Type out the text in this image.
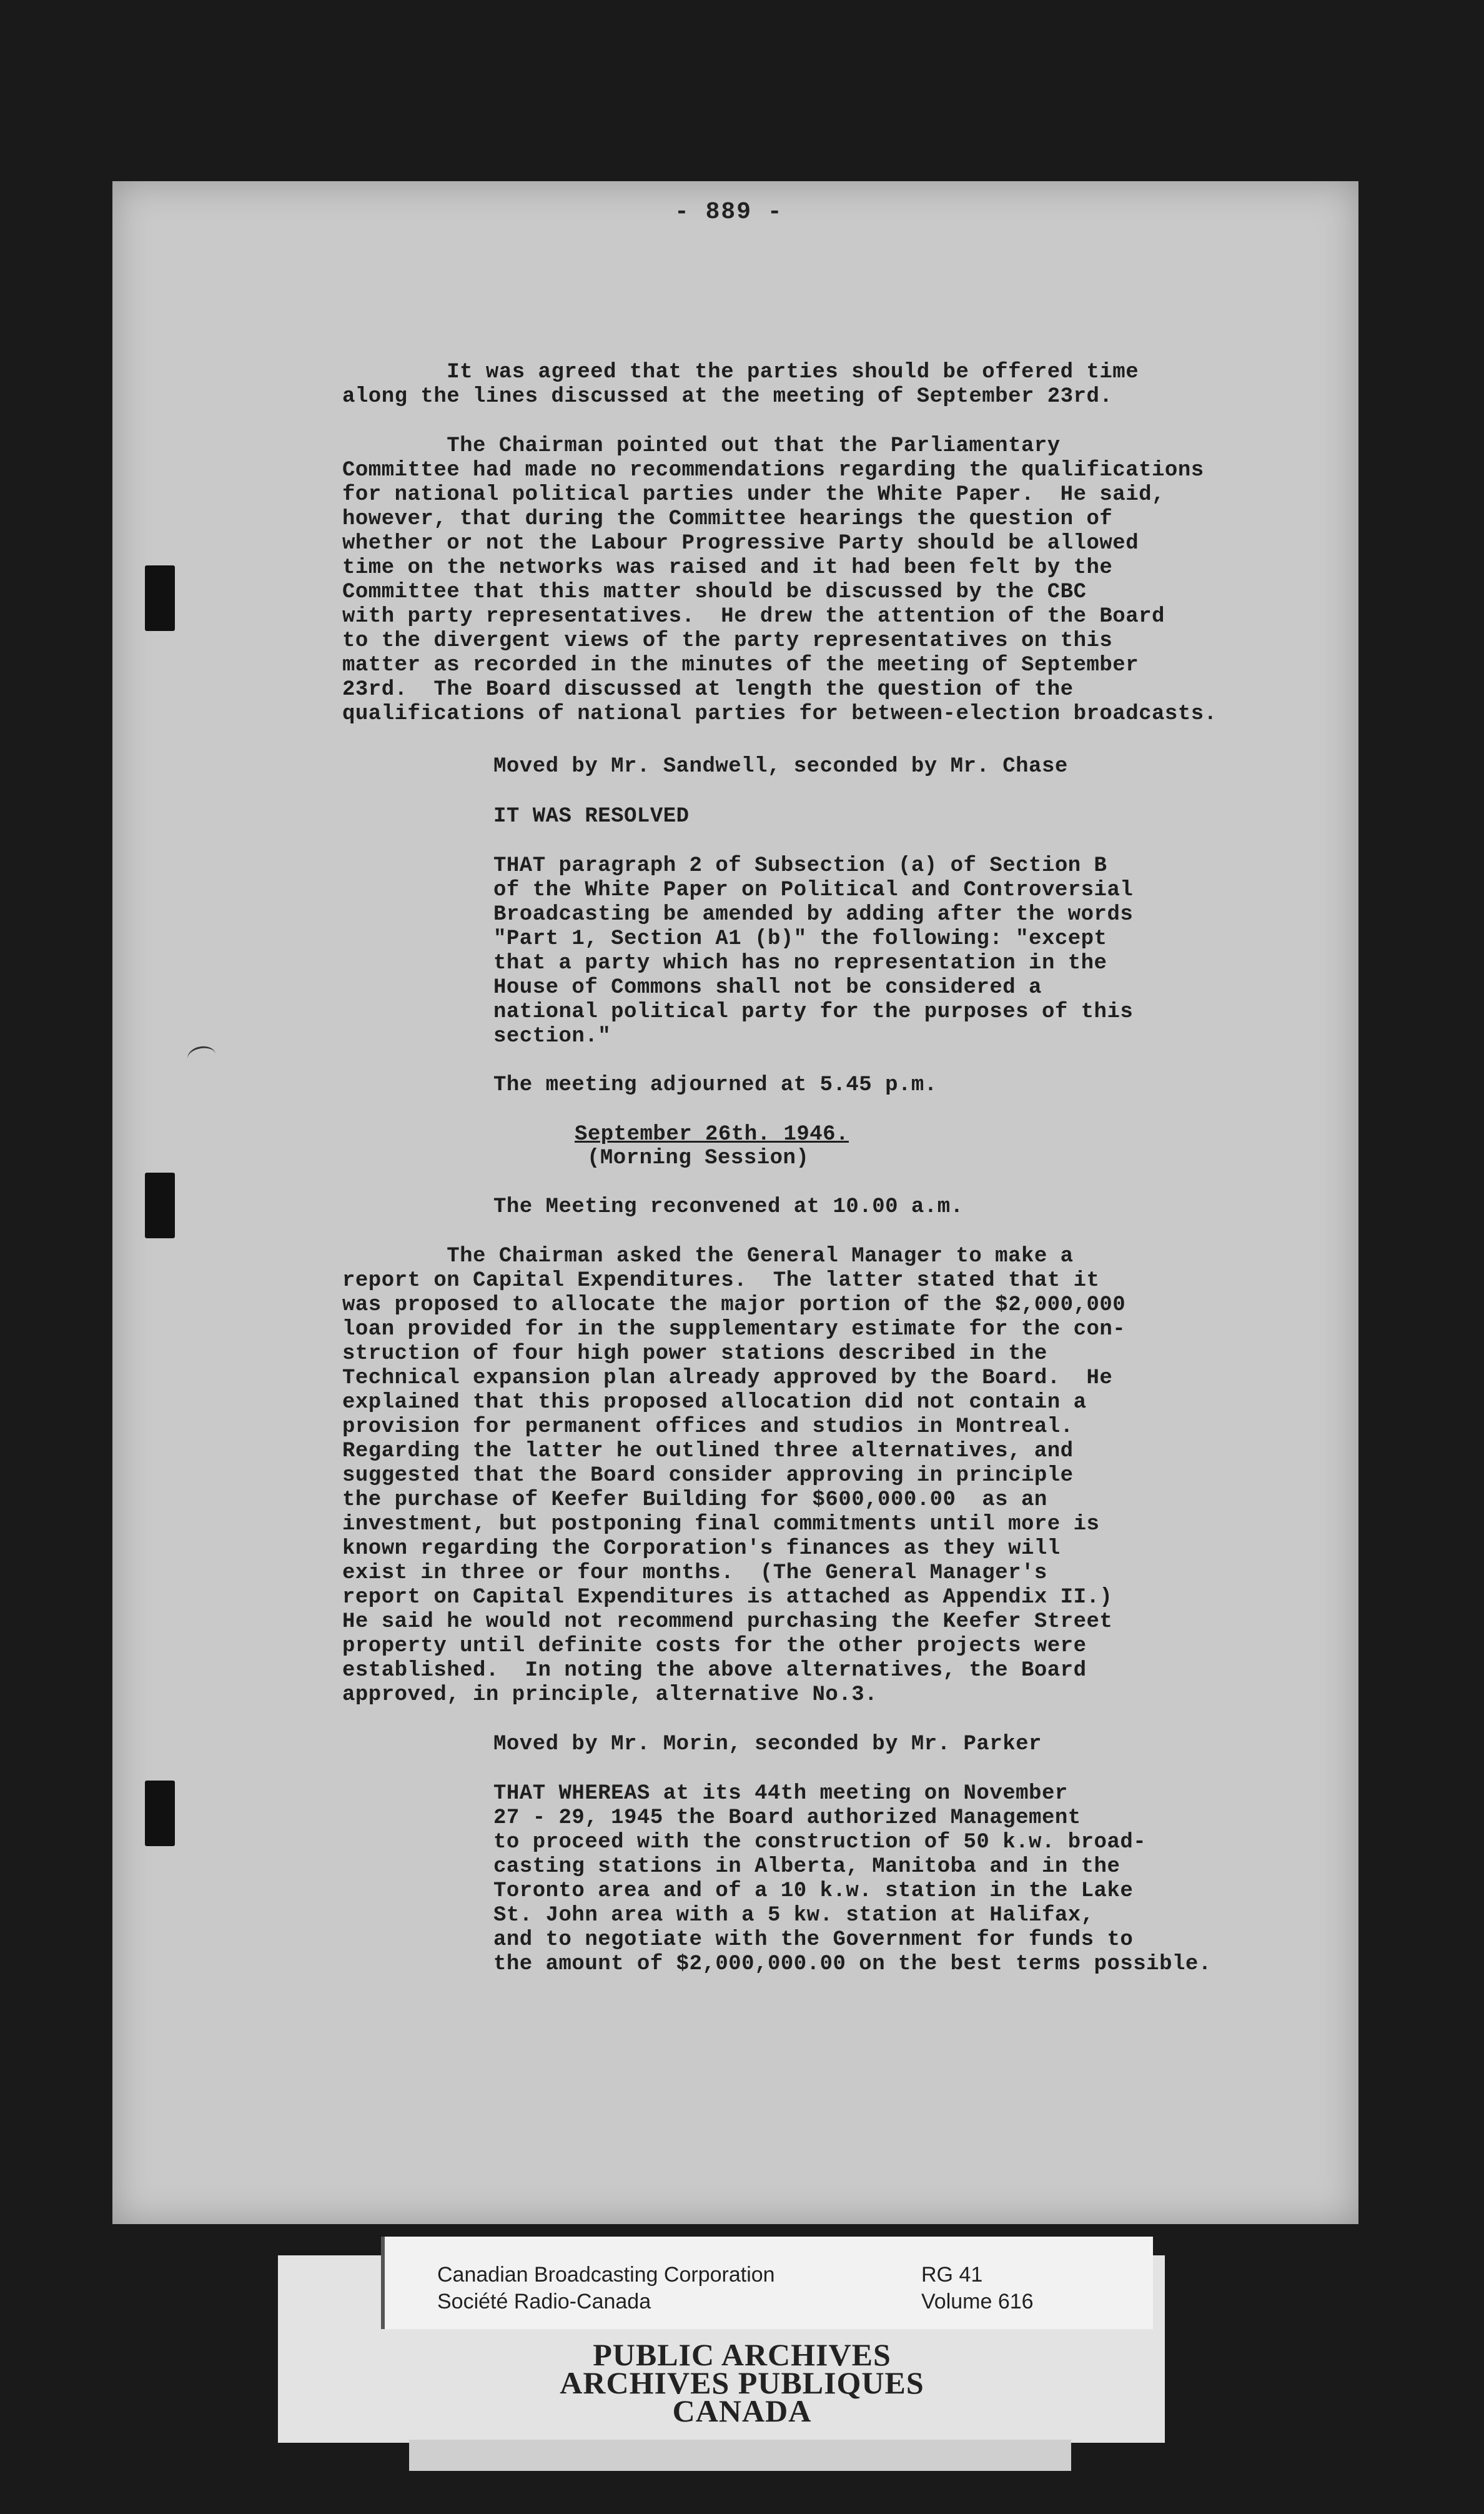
- 889 -
It was agreed that the parties should be offered time
along the lines discussed at the meeting of September 23rd.
The Chairman pointed out that the Parliamentary
Committee had made no recommendations regarding the qualifications
for national political parties under the White Paper.  He said,
however, that during the Committee hearings the question of
whether or not the Labour Progressive Party should be allowed
time on the networks was raised and it had been felt by the
Committee that this matter should be discussed by the CBC
with party representatives.  He drew the attention of the Board
to the divergent views of the party representatives on this
matter as recorded in the minutes of the meeting of September
23rd.  The Board discussed at length the question of the
qualifications of national parties for between-election broadcasts.
Moved by Mr. Sandwell, seconded by Mr. Chase
IT WAS RESOLVED
THAT paragraph 2 of Subsection (a) of Section B
of the White Paper on Political and Controversial
Broadcasting be amended by adding after the words
"Part 1, Section A1 (b)" the following: "except
that a party which has no representation in the
House of Commons shall not be considered a
national political party for the purposes of this
section."
The meeting adjourned at 5.45 p.m.
September 26th. 1946.
(Morning Session)
The Meeting reconvened at 10.00 a.m.
The Chairman asked the General Manager to make a
report on Capital Expenditures.  The latter stated that it
was proposed to allocate the major portion of the $2,000,000
loan provided for in the supplementary estimate for the con-
struction of four high power stations described in the
Technical expansion plan already approved by the Board.  He
explained that this proposed allocation did not contain a
provision for permanent offices and studios in Montreal.
Regarding the latter he outlined three alternatives, and
suggested that the Board consider approving in principle
the purchase of Keefer Building for $600,000.00  as an
investment, but postponing final commitments until more is
known regarding the Corporation's finances as they will
exist in three or four months.  (The General Manager's
report on Capital Expenditures is attached as Appendix II.)
He said he would not recommend purchasing the Keefer Street
property until definite costs for the other projects were
established.  In noting the above alternatives, the Board
approved, in principle, alternative No.3.
Moved by Mr. Morin, seconded by Mr. Parker
THAT WHEREAS at its 44th meeting on November
27 - 29, 1945 the Board authorized Management
to proceed with the construction of 50 k.w. broad-
casting stations in Alberta, Manitoba and in the
Toronto area and of a 10 k.w. station in the Lake
St. John area with a 5 kw. station at Halifax,
and to negotiate with the Government for funds to
the amount of $2,000,000.00 on the best terms possible.
Canadian Broadcasting Corporation
Société Radio-Canada
RG 41
Volume 616
PUBLIC ARCHIVES
ARCHIVES PUBLIQUES
CANADA
